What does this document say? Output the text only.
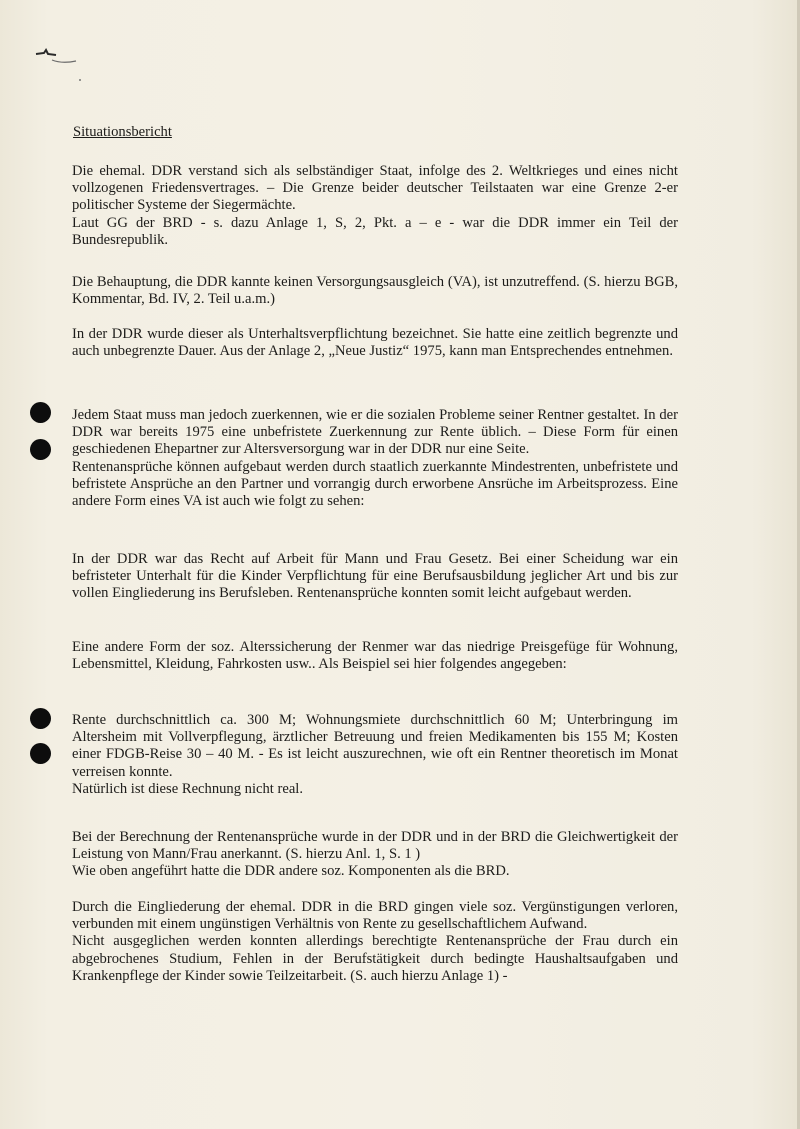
Situationsbericht

Die ehemal. DDR verstand sich als selbständiger Staat, infolge des 2. Weltkrieges und eines nicht vollzogenen Friedensvertrages. – Die Grenze beider deutscher Teilstaaten war eine Grenze 2-er politischer Systeme der Siegermächte.

Laut GG der BRD - s. dazu Anlage 1, S, 2, Pkt. a – e - war die DDR immer ein Teil der Bundesrepublik.

Die Behauptung, die DDR kannte keinen Versorgungsausgleich (VA), ist unzutreffend. (S. hierzu BGB, Kommentar, Bd. IV, 2. Teil u.a.m.)

In der DDR wurde dieser als Unterhaltsverpflichtung bezeichnet. Sie hatte eine zeitlich begrenzte und auch unbegrenzte Dauer. Aus der Anlage 2, „Neue Justiz“ 1975, kann man Entsprechendes entnehmen.

Jedem Staat muss man jedoch zuerkennen, wie er die sozialen Probleme seiner Rentner gestaltet. In der DDR war bereits 1975 eine unbefristete Zuerkennung zur Rente üblich. – Diese Form für einen geschiedenen Ehepartner zur Altersversorgung war in der DDR nur eine Seite.

Rentenansprüche können aufgebaut werden durch staatlich zuerkannte Mindestrenten, unbefristete und befristete Ansprüche an den Partner und vorrangig durch erworbene Ansrüche im Arbeitsprozess. Eine andere Form eines VA ist auch wie folgt zu sehen:

In der DDR war das Recht auf Arbeit für Mann und Frau Gesetz. Bei einer Scheidung war ein befristeter Unterhalt für die Kinder Verpflichtung für eine Berufsausbildung jeglicher Art und bis zur vollen Eingliederung ins Berufsleben. Rentenansprüche konnten somit leicht aufgebaut werden.

Eine andere Form der soz. Alterssicherung der Renmer war das niedrige Preisgefüge für Wohnung, Lebensmittel, Kleidung, Fahrkosten usw.. Als Beispiel sei hier folgendes angegeben:

Rente durchschnittlich ca. 300 M; Wohnungsmiete durchschnittlich 60 M; Unterbringung im Altersheim mit Vollverpflegung, ärztlicher Betreuung und freien Medikamenten bis 155 M; Kosten einer FDGB-Reise 30 – 40 M. - Es ist leicht auszurechnen, wie oft ein Rentner theoretisch im Monat verreisen konnte.

Natürlich ist diese Rechnung nicht real.

Bei der Berechnung der Rentenansprüche wurde in der DDR und in der BRD die Gleichwertigkeit der Leistung von Mann/Frau anerkannt. (S. hierzu Anl. 1, S. 1 )

Wie oben angeführt hatte die DDR andere soz. Komponenten als die BRD.

Durch die Eingliederung der ehemal. DDR in die BRD gingen viele soz. Vergünstigungen verloren, verbunden mit einem ungünstigen Verhältnis von Rente zu gesellschaftlichem Aufwand.

Nicht ausgeglichen werden konnten allerdings berechtigte Rentenansprüche der Frau durch ein abgebrochenes Studium, Fehlen in der Berufstätigkeit durch bedingte Haushaltsaufgaben und Krankenpflege der Kinder sowie Teilzeitarbeit. (S. auch hierzu Anlage 1) -
